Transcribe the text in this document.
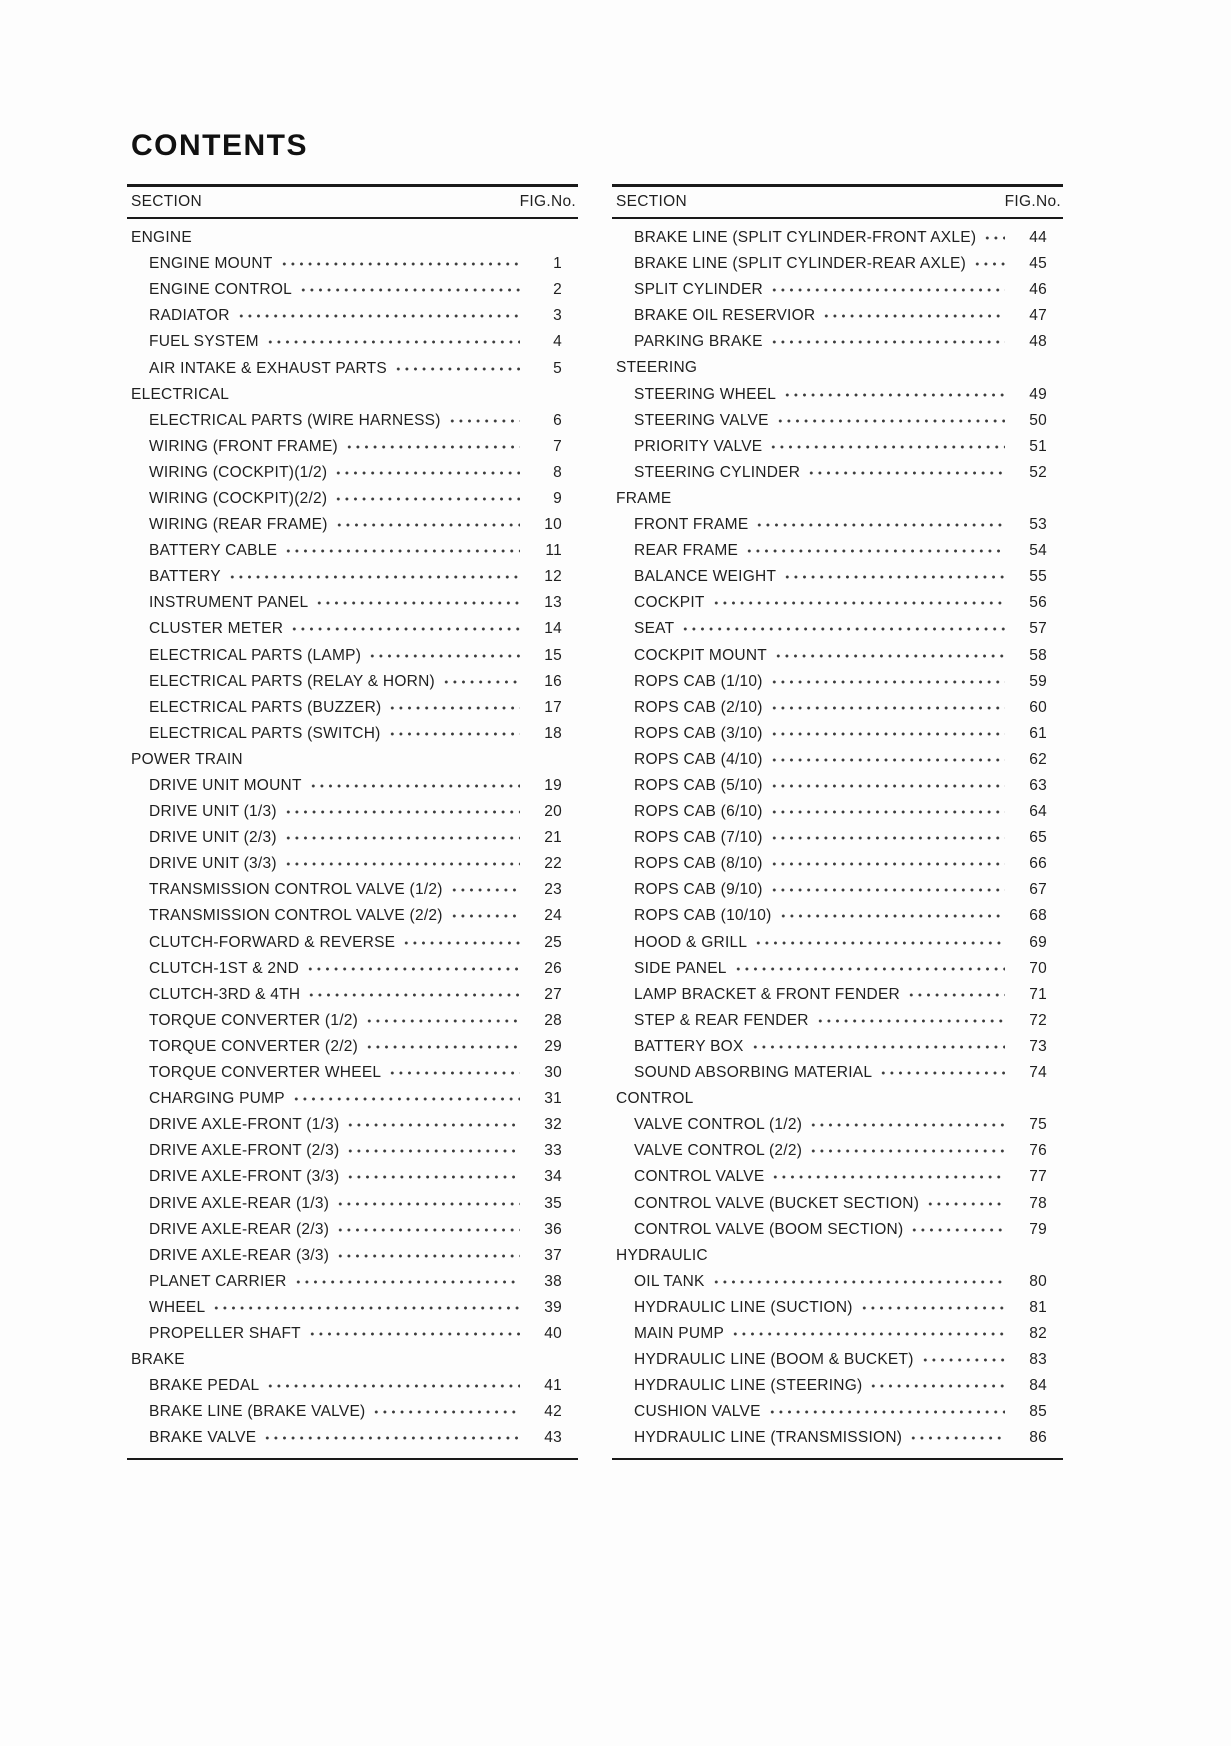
CONTENTS
SECTION	FIG.No.
ENGINE
ENGINE MOUNT	1
ENGINE CONTROL	2
RADIATOR	3
FUEL SYSTEM	4
AIR INTAKE & EXHAUST PARTS	5
ELECTRICAL
ELECTRICAL PARTS (WIRE HARNESS)	6
WIRING (FRONT FRAME)	7
WIRING (COCKPIT)(1/2)	8
WIRING (COCKPIT)(2/2)	9
WIRING (REAR FRAME)	10
BATTERY CABLE	11
BATTERY	12
INSTRUMENT PANEL	13
CLUSTER METER	14
ELECTRICAL PARTS (LAMP)	15
ELECTRICAL PARTS (RELAY & HORN)	16
ELECTRICAL PARTS (BUZZER)	17
ELECTRICAL PARTS (SWITCH)	18
POWER TRAIN
DRIVE UNIT MOUNT	19
DRIVE UNIT (1/3)	20
DRIVE UNIT (2/3)	21
DRIVE UNIT (3/3)	22
TRANSMISSION CONTROL VALVE (1/2)	23
TRANSMISSION CONTROL VALVE (2/2)	24
CLUTCH-FORWARD & REVERSE	25
CLUTCH-1ST & 2ND	26
CLUTCH-3RD & 4TH	27
TORQUE CONVERTER (1/2)	28
TORQUE CONVERTER (2/2)	29
TORQUE CONVERTER WHEEL	30
CHARGING PUMP	31
DRIVE AXLE-FRONT (1/3)	32
DRIVE AXLE-FRONT (2/3)	33
DRIVE AXLE-FRONT (3/3)	34
DRIVE AXLE-REAR (1/3)	35
DRIVE AXLE-REAR (2/3)	36
DRIVE AXLE-REAR (3/3)	37
PLANET CARRIER	38
WHEEL	39
PROPELLER SHAFT	40
BRAKE
BRAKE PEDAL	41
BRAKE LINE (BRAKE VALVE)	42
BRAKE VALVE	43
SECTION	FIG.No.
BRAKE LINE (SPLIT CYLINDER-FRONT AXLE)	44
BRAKE LINE (SPLIT CYLINDER-REAR AXLE)	45
SPLIT CYLINDER	46
BRAKE OIL RESERVIOR	47
PARKING BRAKE	48
STEERING
STEERING WHEEL	49
STEERING VALVE	50
PRIORITY VALVE	51
STEERING CYLINDER	52
FRAME
FRONT FRAME	53
REAR FRAME	54
BALANCE WEIGHT	55
COCKPIT	56
SEAT	57
COCKPIT MOUNT	58
ROPS CAB (1/10)	59
ROPS CAB (2/10)	60
ROPS CAB (3/10)	61
ROPS CAB (4/10)	62
ROPS CAB (5/10)	63
ROPS CAB (6/10)	64
ROPS CAB (7/10)	65
ROPS CAB (8/10)	66
ROPS CAB (9/10)	67
ROPS CAB (10/10)	68
HOOD & GRILL	69
SIDE PANEL	70
LAMP BRACKET & FRONT FENDER	71
STEP & REAR FENDER	72
BATTERY BOX	73
SOUND ABSORBING MATERIAL	74
CONTROL
VALVE CONTROL (1/2)	75
VALVE CONTROL (2/2)	76
CONTROL VALVE	77
CONTROL VALVE (BUCKET SECTION)	78
CONTROL VALVE (BOOM SECTION)	79
HYDRAULIC
OIL TANK	80
HYDRAULIC LINE (SUCTION)	81
MAIN PUMP	82
HYDRAULIC LINE (BOOM & BUCKET)	83
HYDRAULIC LINE (STEERING)	84
CUSHION VALVE	85
HYDRAULIC LINE (TRANSMISSION)	86
